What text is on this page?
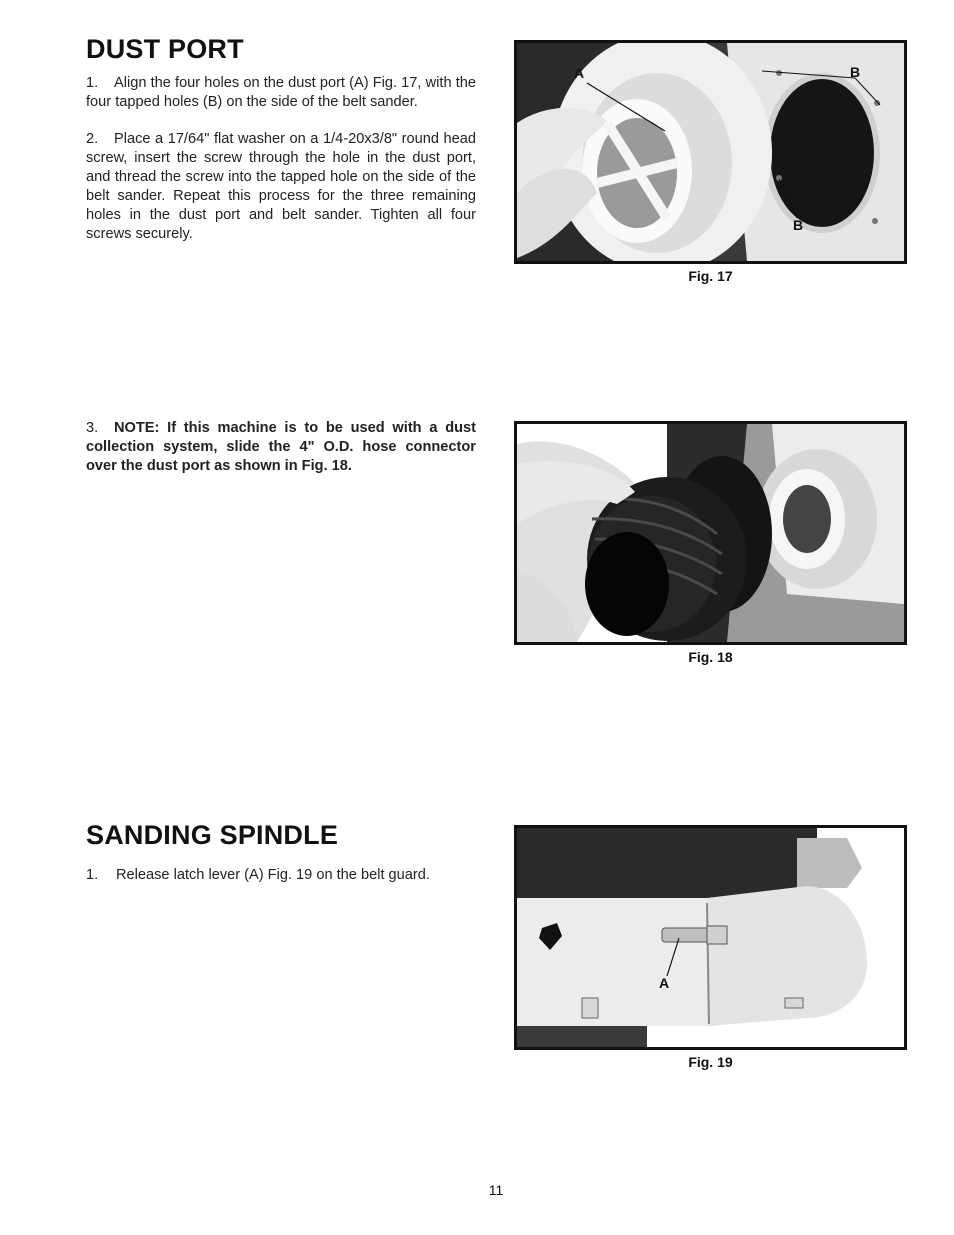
DUST PORT

1. Align the four holes on the dust port (A) Fig. 17, with the four tapped holes (B) on the side of the belt sander.

2. Place a 17/64" flat washer on a 1/4-20x3/8" round head screw, insert the screw through the hole in the dust port, and thread the screw into the tapped hole on the side of the belt sander. Repeat this process for the three remaining holes in the dust port and belt sander. Tighten all four screws securely.

3. NOTE: If this machine is to be used with a dust collection system, slide the 4" O.D. hose connector over the dust port as shown in Fig. 18.

A	B
B
Fig. 17
Fig. 18
SANDING SPINDLE

1. Release latch lever (A) Fig. 19 on the belt guard.

A
Fig. 19
11
